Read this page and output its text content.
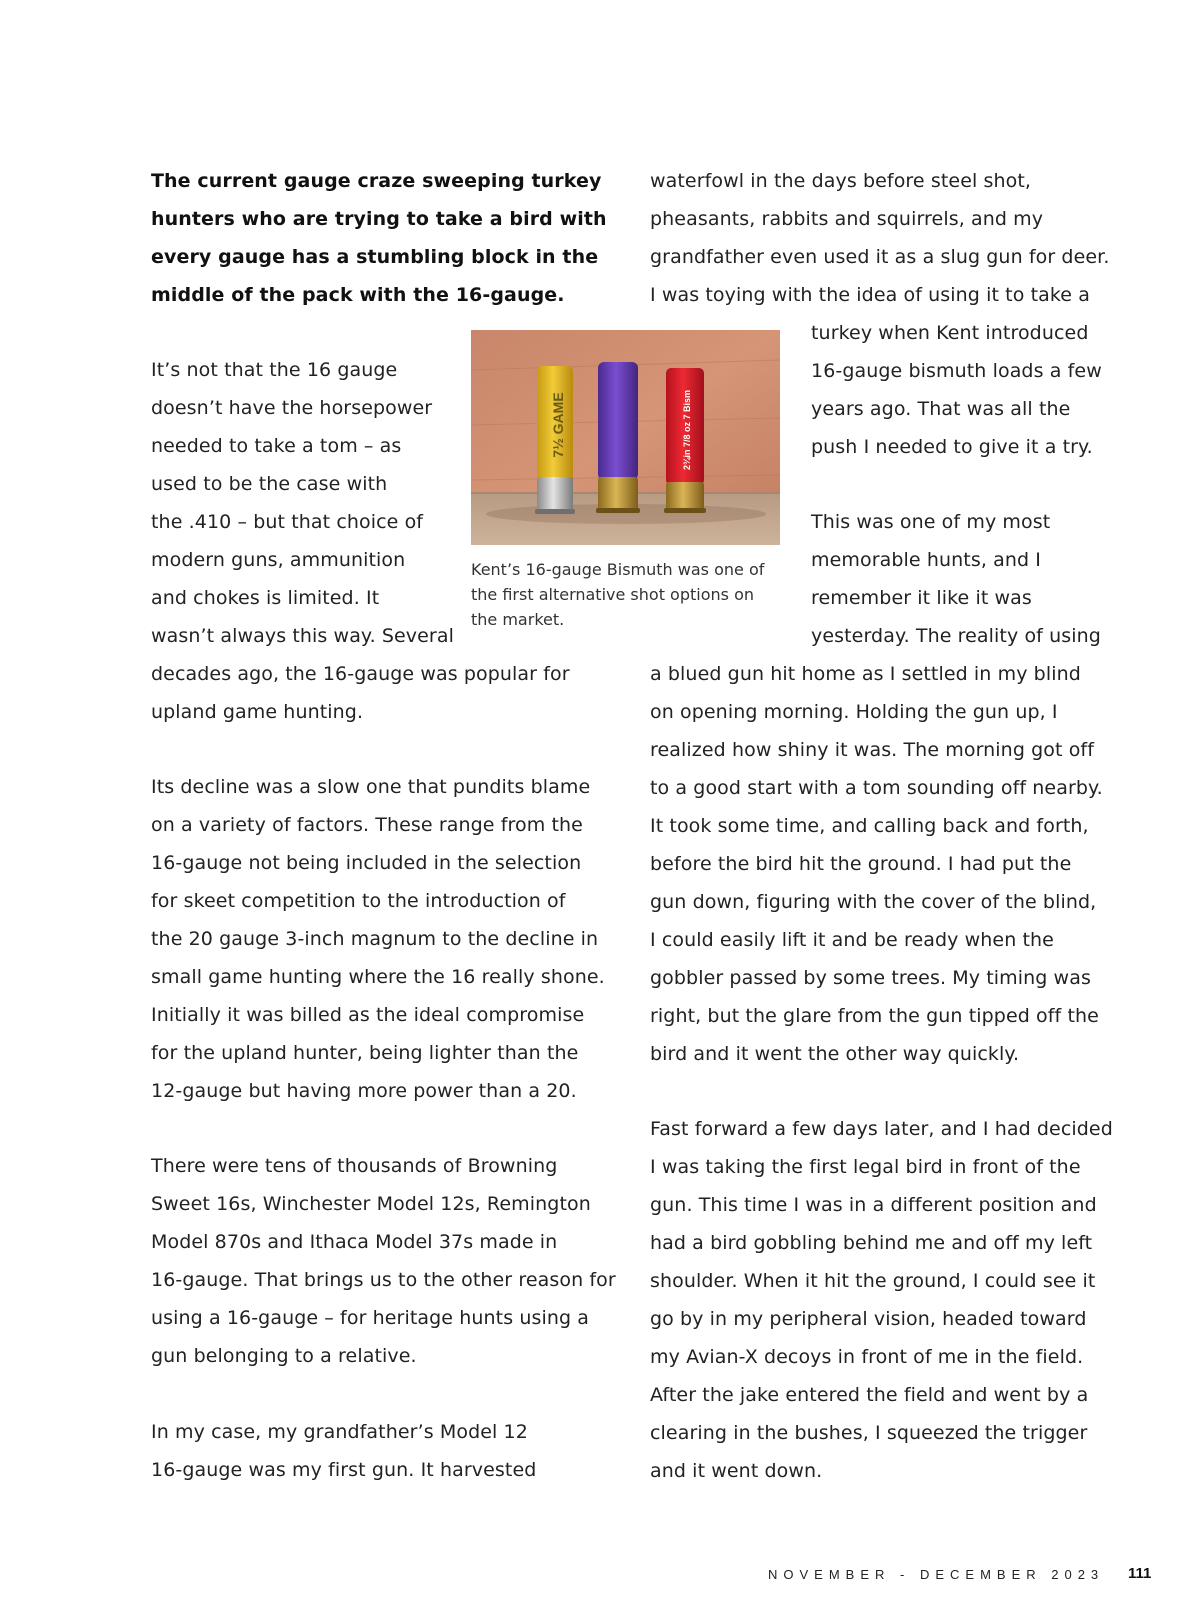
The current gauge craze sweeping turkey
hunters who are trying to take a bird with
every gauge has a stumbling block in the
middle of the pack with the 16-gauge.
It’s not that the 16 gauge
doesn’t have the horsepower
needed to take a tom – as
used to be the case with
the .410 – but that choice of
modern guns, ammunition
and chokes is limited. It
wasn’t always this way. Several
decades ago, the 16-gauge was popular for
upland game hunting.
Its decline was a slow one that pundits blame
on a variety of factors. These range from the
16-gauge not being included in the selection
for skeet competition to the introduction of
the 20 gauge 3-inch magnum to the decline in
small game hunting where the 16 really shone.
Initially it was billed as the ideal compromise
for the upland hunter, being lighter than the
12-gauge but having more power than a 20.
There were tens of thousands of Browning
Sweet 16s, Winchester Model 12s, Remington
Model 870s and Ithaca Model 37s made in
16-gauge. That brings us to the other reason for
using a 16-gauge – for heritage hunts using a
gun belonging to a relative.
In my case, my grandfather’s Model 12
16-gauge was my first gun. It harvested
waterfowl in the days before steel shot,
pheasants, rabbits and squirrels, and my
grandfather even used it as a slug gun for deer.
I was toying with the idea of using it to take a
turkey when Kent introduced
16-gauge bismuth loads a few
years ago. That was all the
push I needed to give it a try.
This was one of my most
memorable hunts, and I
remember it like it was
yesterday. The reality of using
a blued gun hit home as I settled in my blind
on opening morning. Holding the gun up, I
realized how shiny it was. The morning got off
to a good start with a tom sounding off nearby.
It took some time, and calling back and forth,
before the bird hit the ground. I had put the
gun down, figuring with the cover of the blind,
I could easily lift it and be ready when the
gobbler passed by some trees. My timing was
right, but the glare from the gun tipped off the
bird and it went the other way quickly.
Fast forward a few days later, and I had decided
I was taking the first legal bird in front of the
gun. This time I was in a different position and
had a bird gobbling behind me and off my left
shoulder. When it hit the ground, I could see it
go by in my peripheral vision, headed toward
my Avian-X decoys in front of me in the field.
After the jake entered the field and went by a
clearing in the bushes, I squeezed the trigger
and it went down.
7½ GAME	2¾in 7/8 oz 7 Bism
Kent’s 16-gauge Bismuth was one of
the first alternative shot options on
the market.
NOVEMBER - DECEMBER 2023 111
